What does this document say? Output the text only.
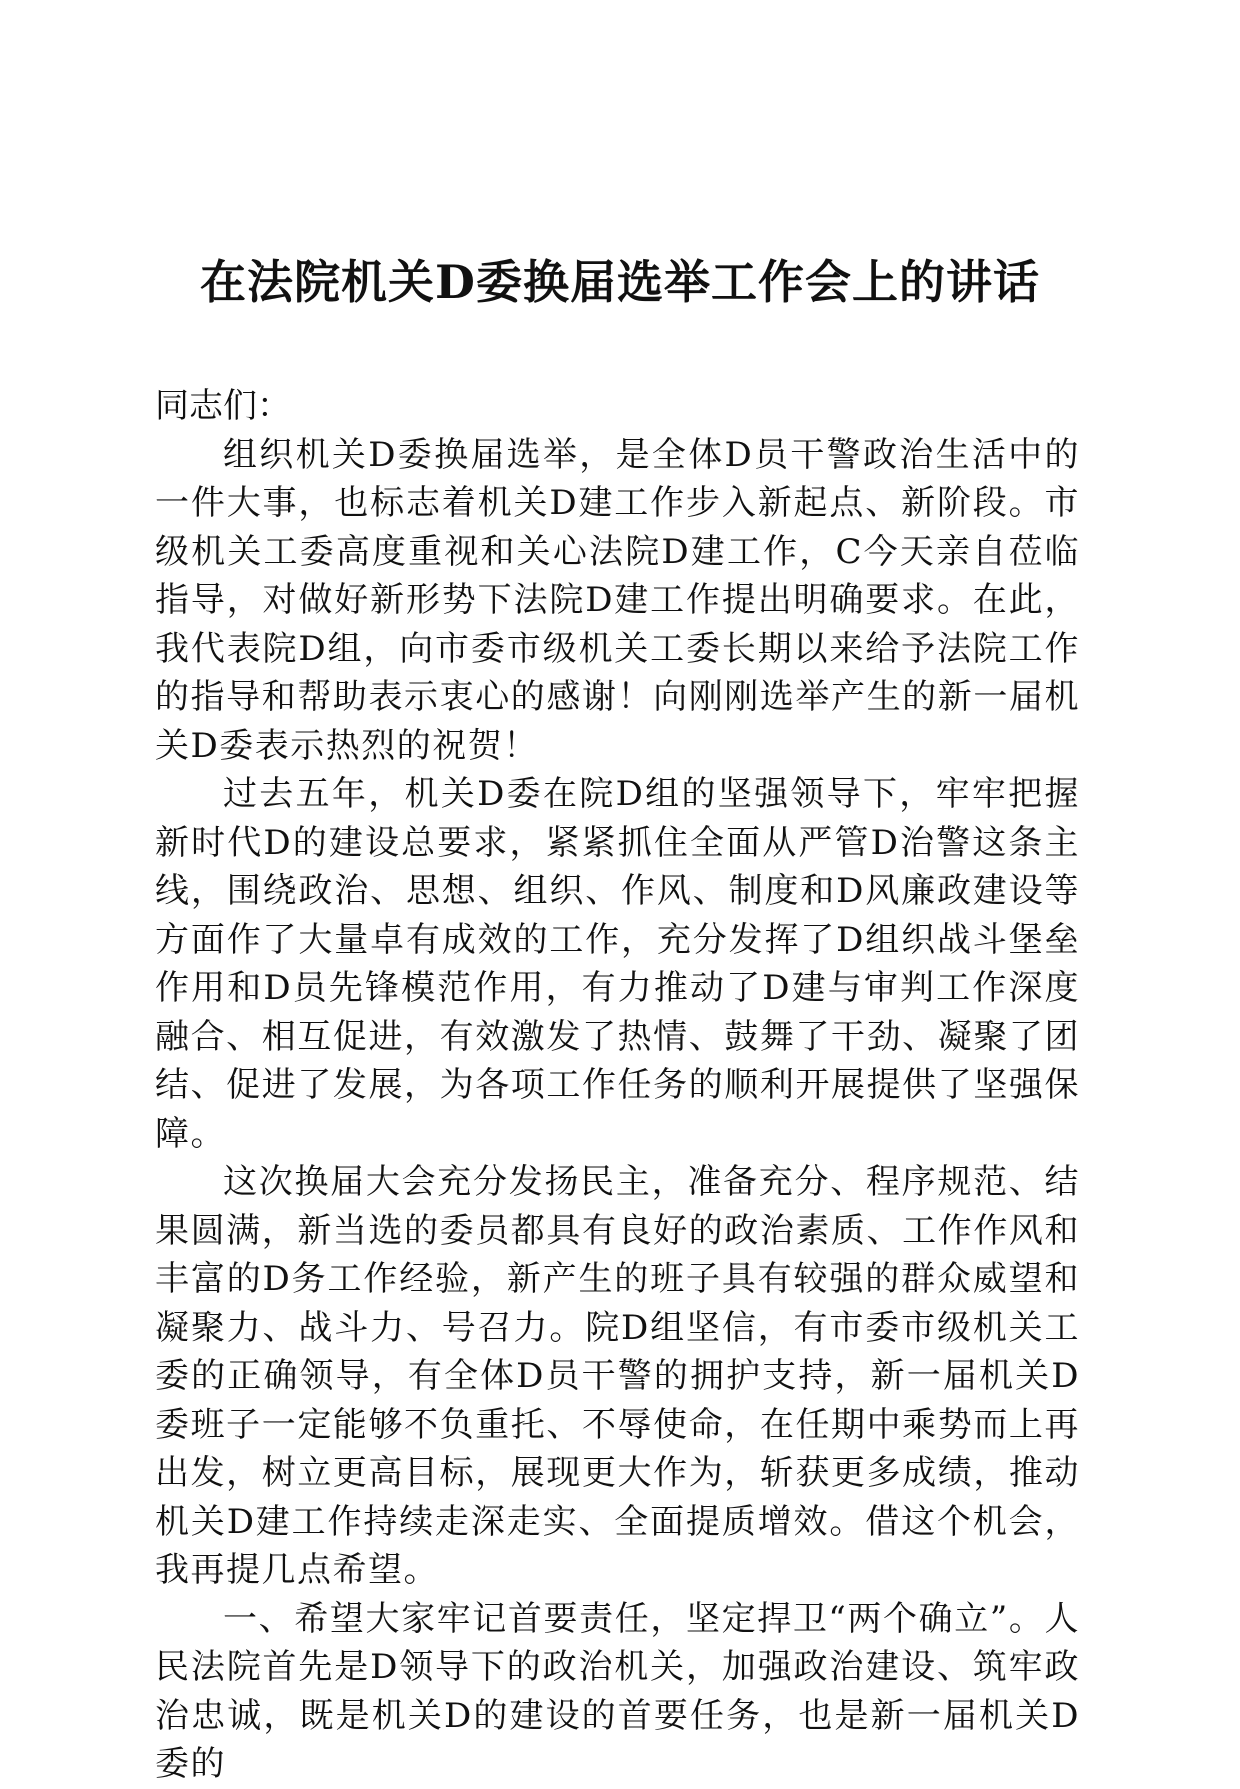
在法院机关D委换届选举工作会上的讲话

同志们：

组织机关D委换届选举，是全体D员干警政治生活中的一件大事，也标志着机关D建工作步入新起点、新阶段。市级机关工委高度重视和关心法院D建工作，C今天亲自莅临指导，对做好新形势下法院D建工作提出明确要求。在此，我代表院D组，向市委市级机关工委长期以来给予法院工作的指导和帮助表示衷心的感谢！向刚刚选举产生的新一届机关D委表示热烈的祝贺！

过去五年，机关D委在院D组的坚强领导下，牢牢把握新时代D的建设总要求，紧紧抓住全面从严管D治警这条主线，围绕政治、思想、组织、作风、制度和D风廉政建设等方面作了大量卓有成效的工作，充分发挥了D组织战斗堡垒作用和D员先锋模范作用，有力推动了D建与审判工作深度融合、相互促进，有效激发了热情、鼓舞了干劲、凝聚了团结、促进了发展，为各项工作任务的顺利开展提供了坚强保障。

这次换届大会充分发扬民主，准备充分、程序规范、结果圆满，新当选的委员都具有良好的政治素质、工作作风和丰富的D务工作经验，新产生的班子具有较强的群众威望和凝聚力、战斗力、号召力。院D组坚信，有市委市级机关工委的正确领导，有全体D员干警的拥护支持，新一届机关D委班子一定能够不负重托、不辱使命，在任期中乘势而上再出发，树立更高目标，展现更大作为，斩获更多成绩，推动机关D建工作持续走深走实、全面提质增效。借这个机会，我再提几点希望。

一、希望大家牢记首要责任，坚定捍卫“两个确立”。人民法院首先是D领导下的政治机关，加强政治建设、筑牢政治忠诚，既是机关D的建设的首要任务，也是新一届机关D委的
